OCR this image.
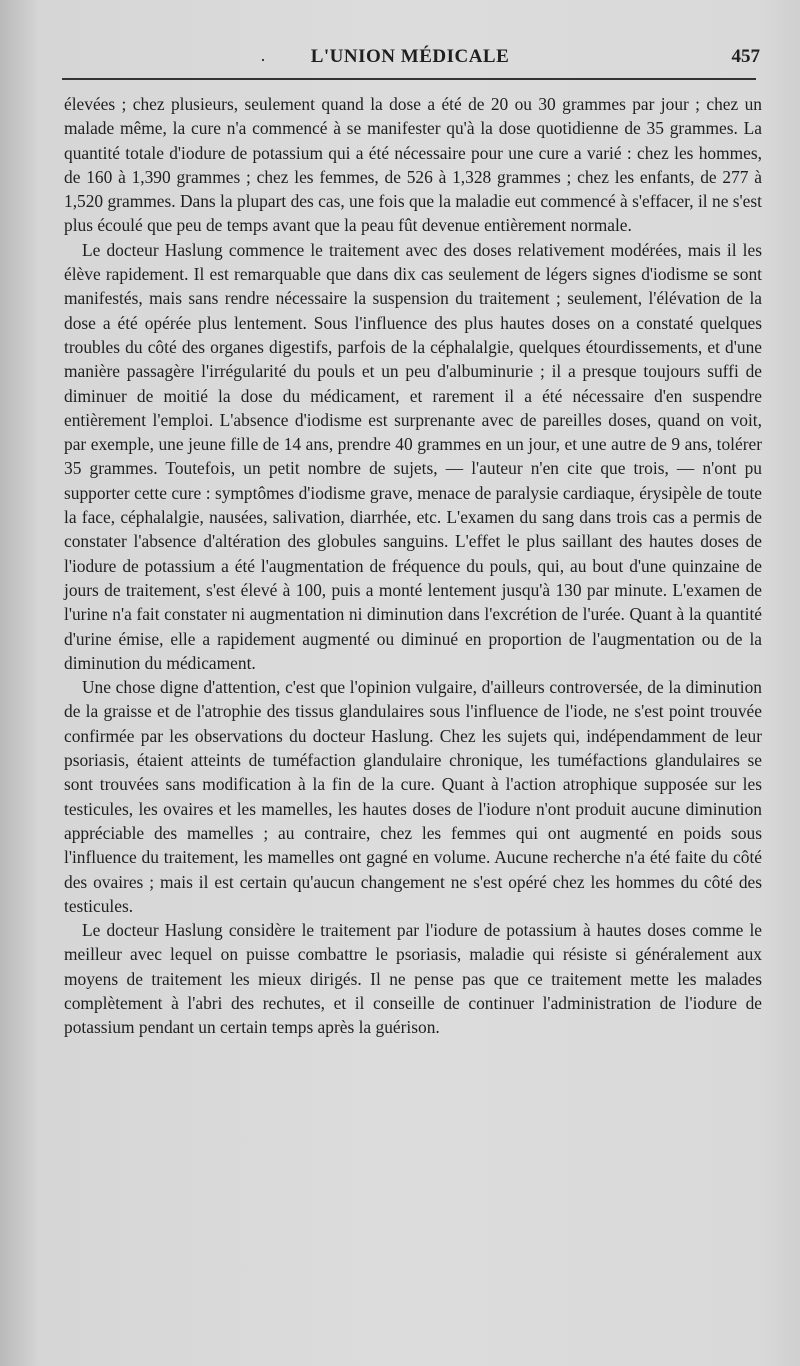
·	L'UNION MÉDICALE	457

élevées ; chez plusieurs, seulement quand la dose a été de 20 ou 30 grammes par jour ; chez un malade même, la cure n'a commencé à se manifester qu'à la dose quotidienne de 35 grammes. La quantité totale d'iodure de potassium qui a été nécessaire pour une cure a varié : chez les hommes, de 160 à 1,390 grammes ; chez les femmes, de 526 à 1,328 grammes ; chez les enfants, de 277 à 1,520 grammes. Dans la plupart des cas, une fois que la maladie eut commencé à s'effacer, il ne s'est plus écoulé que peu de temps avant que la peau fût devenue entièrement normale.

Le docteur Haslung commence le traitement avec des doses relativement modérées, mais il les élève rapidement. Il est remarquable que dans dix cas seulement de légers signes d'iodisme se sont manifestés, mais sans rendre nécessaire la suspension du traitement ; seulement, l'élévation de la dose a été opérée plus lentement. Sous l'influence des plus hautes doses on a constaté quelques troubles du côté des organes digestifs, parfois de la céphalalgie, quelques étourdissements, et d'une manière passagère l'irrégularité du pouls et un peu d'albuminurie ; il a presque toujours suffi de diminuer de moitié la dose du médicament, et rarement il a été nécessaire d'en suspendre entièrement l'emploi. L'absence d'iodisme est surprenante avec de pareilles doses, quand on voit, par exemple, une jeune fille de 14 ans, prendre 40 grammes en un jour, et une autre de 9 ans, tolérer 35 grammes. Toutefois, un petit nombre de sujets, — l'auteur n'en cite que trois, — n'ont pu supporter cette cure : symptômes d'iodisme grave, menace de paralysie cardiaque, érysipèle de toute la face, céphalalgie, nausées, salivation, diarrhée, etc. L'examen du sang dans trois cas a permis de constater l'absence d'altération des globules sanguins. L'effet le plus saillant des hautes doses de l'iodure de potassium a été l'augmentation de fréquence du pouls, qui, au bout d'une quinzaine de jours de traitement, s'est élevé à 100, puis a monté lentement jusqu'à 130 par minute. L'examen de l'urine n'a fait constater ni augmentation ni diminution dans l'excrétion de l'urée. Quant à la quantité d'urine émise, elle a rapidement augmenté ou diminué en proportion de l'augmentation ou de la diminution du médicament.

Une chose digne d'attention, c'est que l'opinion vulgaire, d'ailleurs controversée, de la diminution de la graisse et de l'atrophie des tissus glandulaires sous l'influence de l'iode, ne s'est point trouvée confirmée par les observations du docteur Haslung. Chez les sujets qui, indépendamment de leur psoriasis, étaient atteints de tuméfaction glandulaire chronique, les tuméfactions glandulaires se sont trouvées sans modification à la fin de la cure. Quant à l'action atrophique supposée sur les testicules, les ovaires et les mamelles, les hautes doses de l'iodure n'ont produit aucune diminution appréciable des mamelles ; au contraire, chez les femmes qui ont augmenté en poids sous l'influence du traitement, les mamelles ont gagné en volume. Aucune recherche n'a été faite du côté des ovaires ; mais il est certain qu'aucun changement ne s'est opéré chez les hommes du côté des testicules.

Le docteur Haslung considère le traitement par l'iodure de potassium à hautes doses comme le meilleur avec lequel on puisse combattre le psoriasis, maladie qui résiste si généralement aux moyens de traitement les mieux dirigés. Il ne pense pas que ce traitement mette les malades complètement à l'abri des rechutes, et il conseille de continuer l'administration de l'iodure de potassium pendant un certain temps après la guérison.
